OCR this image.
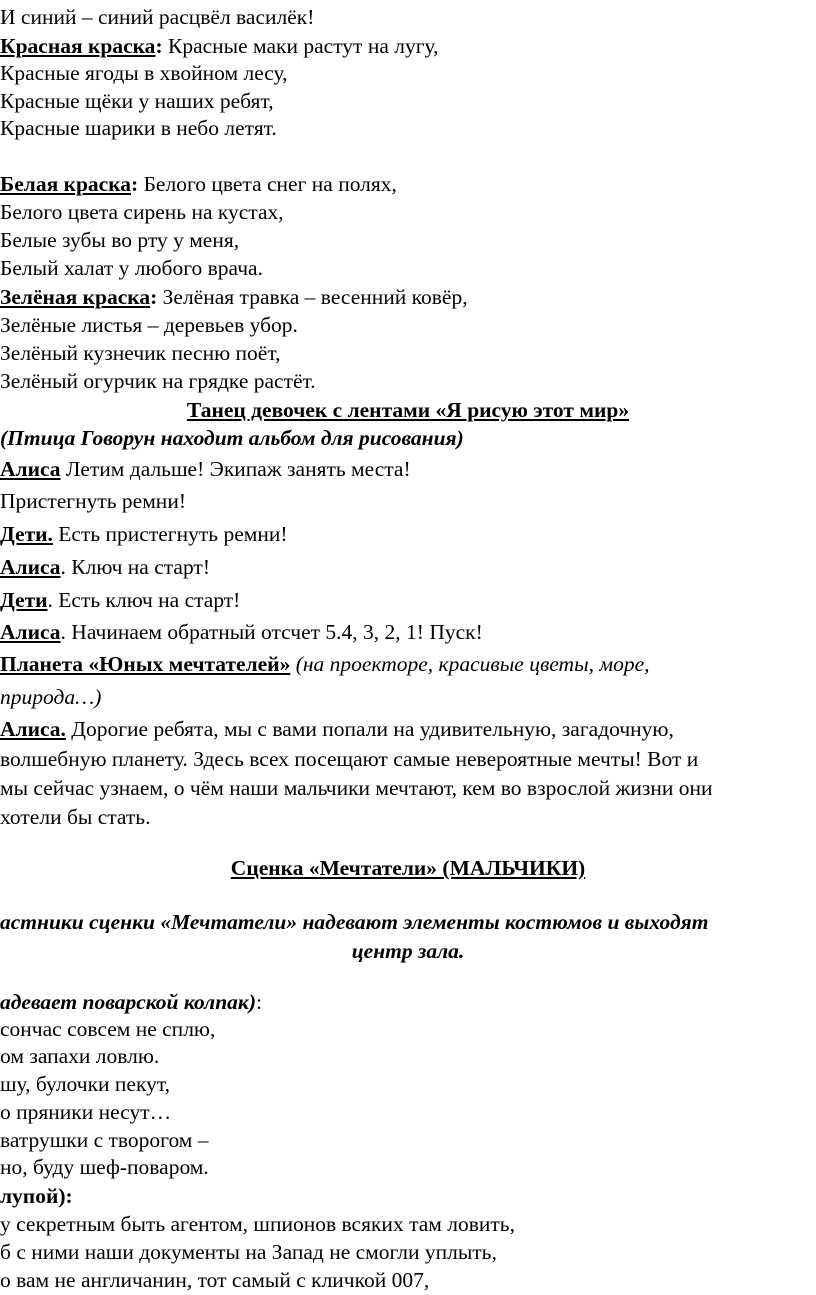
И синий – синий расцвёл василёк!
Красная краска: Красные маки растут на лугу,
Красные ягоды в хвойном лесу,
Красные щёки у наших ребят,
Красные шарики в небо летят.
Белая краска: Белого цвета снег на полях,
Белого цвета сирень на кустах,
Белые зубы во рту у меня,
Белый халат у любого врача.
Зелёная краска: Зелёная травка – весенний ковёр,
Зелёные листья – деревьев убор.
Зелёный кузнечик песню поёт,
Зелёный огурчик на грядке растёт.
Танец девочек с лентами «Я рисую этот мир»
(Птица Говорун находит альбом для рисования)
Алиса Летим дальше! Экипаж занять места!
Пристегнуть ремни!
Дети. Есть пристегнуть ремни!
Алиса. Ключ на старт!
Дети. Есть ключ на старт!
Алиса. Начинаем обратный отсчет 5.4, 3, 2, 1! Пуск!
Планета «Юных мечтателей» (на проекторе, красивые цветы, море,
природа…)
Алиса. Дорогие ребята, мы с вами попали на удивительную, загадочную,
волшебную планету. Здесь всех посещают самые невероятные мечты! Вот и
мы сейчас узнаем, о чём наши мальчики мечтают, кем во взрослой жизни они
хотели бы стать.
Сценка «Мечтатели» (МАЛЬЧИКИ)
астники сценки «Мечтатели» надевают элементы костюмов и выходят
центр зала.
адевает поварской колпак):
сончас совсем не сплю,
ом запахи ловлю.
шу, булочки пекут,
о пряники несут…
ватрушки с творогом –
но, буду шеф-поваром.
лупой):
у секретным быть агентом, шпионов всяких там ловить,
б с ними наши документы на Запад не смогли уплыть,
о вам не англичанин, тот самый с кличкой 007,
